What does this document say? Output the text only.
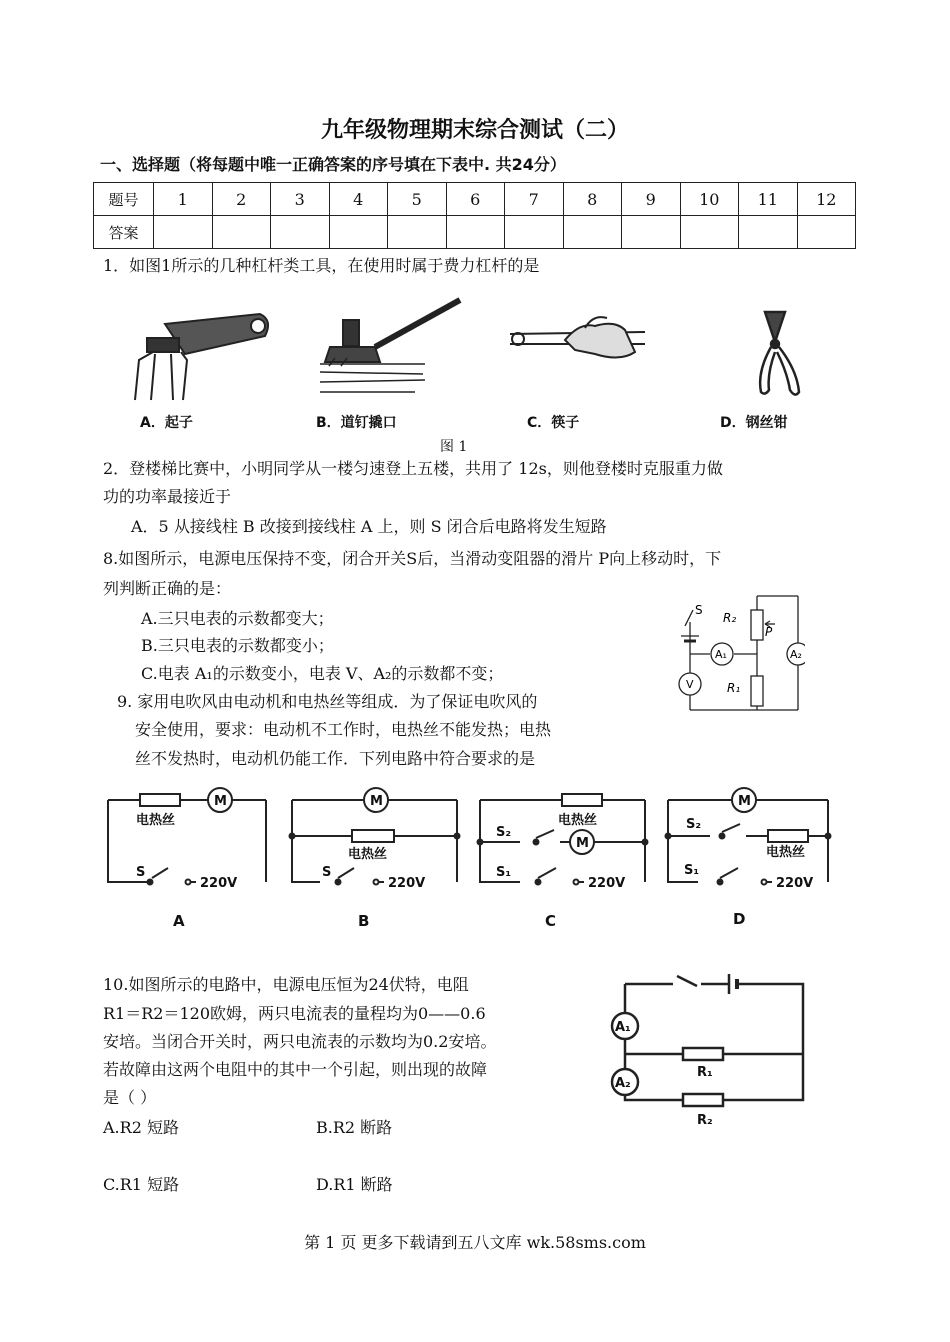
九年级物理期末综合测试（二）
一、选择题（将每题中唯一正确答案的序号填在下表中. 共24分）
题号	1	2	3	4	5	6	7	8	9	10	11	12
答案												
1．如图1所示的几种杠杆类工具，在使用时属于费力杠杆的是
A．起子	B．道钉撬口	C．筷子	D．钢丝钳
图 1
2．登楼梯比赛中，小明同学从一楼匀速登上五楼，共用了 12s，则他登楼时克服重力做
功的功率最接近于
A．5 从接线柱 B 改接到接线柱 A 上，则 S 闭合后电路将发生短路
8.如图所示，电源电压保持不变，闭合开关S后，当滑动变阻器的滑片 P向上移动时，下
列判断正确的是：
A.三只电表的示数都变大；
B.三只电表的示数都变小；
C.电表 A₁的示数变小，电表 V、A₂的示数都不变；
S
R₂
P
A₁	A₂
V	R₁
9. 家用电吹风由电动机和电热丝等组成．为了保证电吹风的
安全使用，要求：电动机不工作时，电热丝不能发热；电热
丝不发热时，电动机仍能工作．下列电路中符合要求的是
M
电热丝
S
220V
M
电热丝
S
220V
电热丝
M
S₂
S₁
220V
M
S₂
电热丝
S₁
220V
A	B	C	D
10.如图所示的电路中，电源电压恒为24伏特，电阻
R1＝R2＝120欧姆，两只电流表的量程均为0——0.6
安培。当闭合开关时，两只电流表的示数均为0.2安培。
若故障由这两个电阻中的其中一个引起，则出现的故障
是（ ）
A.R2 短路	B.R2 断路
C.R1 短路	D.R1 断路
A₁
A₂
R₁
R₂
第 1 页 更多下载请到五八文库 wk.58sms.com
